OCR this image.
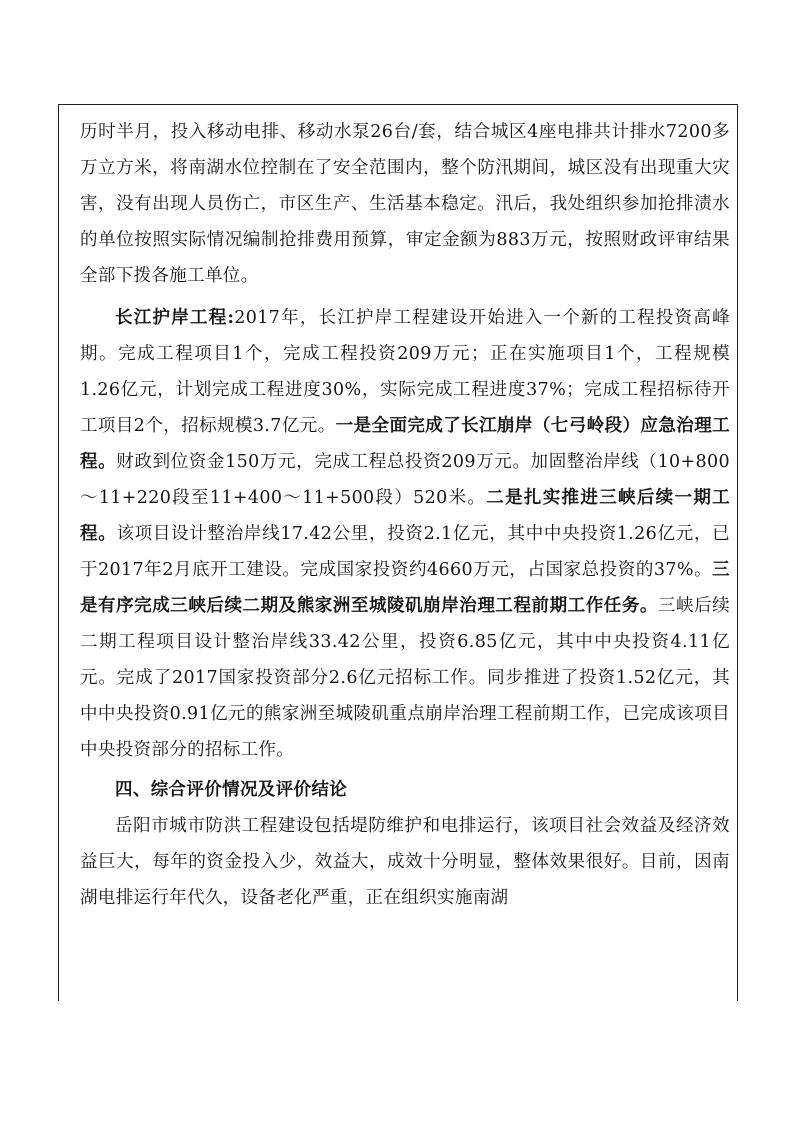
历时半月，投入移动电排、移动水泵26台/套，结合城区4座电排共计排水7200多万立方米，将南湖水位控制在了安全范围内，整个防汛期间，城区没有出现重大灾害，没有出现人员伤亡，市区生产、生活基本稳定。汛后，我处组织参加抢排渍水的单位按照实际情况编制抢排费用预算，审定金额为883万元，按照财政评审结果全部下拨各施工单位。

长江护岸工程:2017年，长江护岸工程建设开始进入一个新的工程投资高峰期。完成工程项目1个，完成工程投资209万元；正在实施项目1个，工程规模1.26亿元，计划完成工程进度30%，实际完成工程进度37%；完成工程招标待开工项目2个，招标规模3.7亿元。一是全面完成了长江崩岸（七弓岭段）应急治理工程。财政到位资金150万元，完成工程总投资209万元。加固整治岸线（10+800～11+220段至11+400～11+500段）520米。二是扎实推进三峡后续一期工程。该项目设计整治岸线17.42公里，投资2.1亿元，其中中央投资1.26亿元，已于2017年2月底开工建设。完成国家投资约4660万元，占国家总投资的37%。三是有序完成三峡后续二期及熊家洲至城陵矶崩岸治理工程前期工作任务。三峡后续二期工程项目设计整治岸线33.42公里，投资6.85亿元，其中中央投资4.11亿元。完成了2017国家投资部分2.6亿元招标工作。同步推进了投资1.52亿元，其中中央投资0.91亿元的熊家洲至城陵矶重点崩岸治理工程前期工作，已完成该项目中央投资部分的招标工作。

四、综合评价情况及评价结论

岳阳市城市防洪工程建设包括堤防维护和电排运行，该项目社会效益及经济效益巨大，每年的资金投入少，效益大，成效十分明显，整体效果很好。目前，因南湖电排运行年代久，设备老化严重，正在组织实施南湖
